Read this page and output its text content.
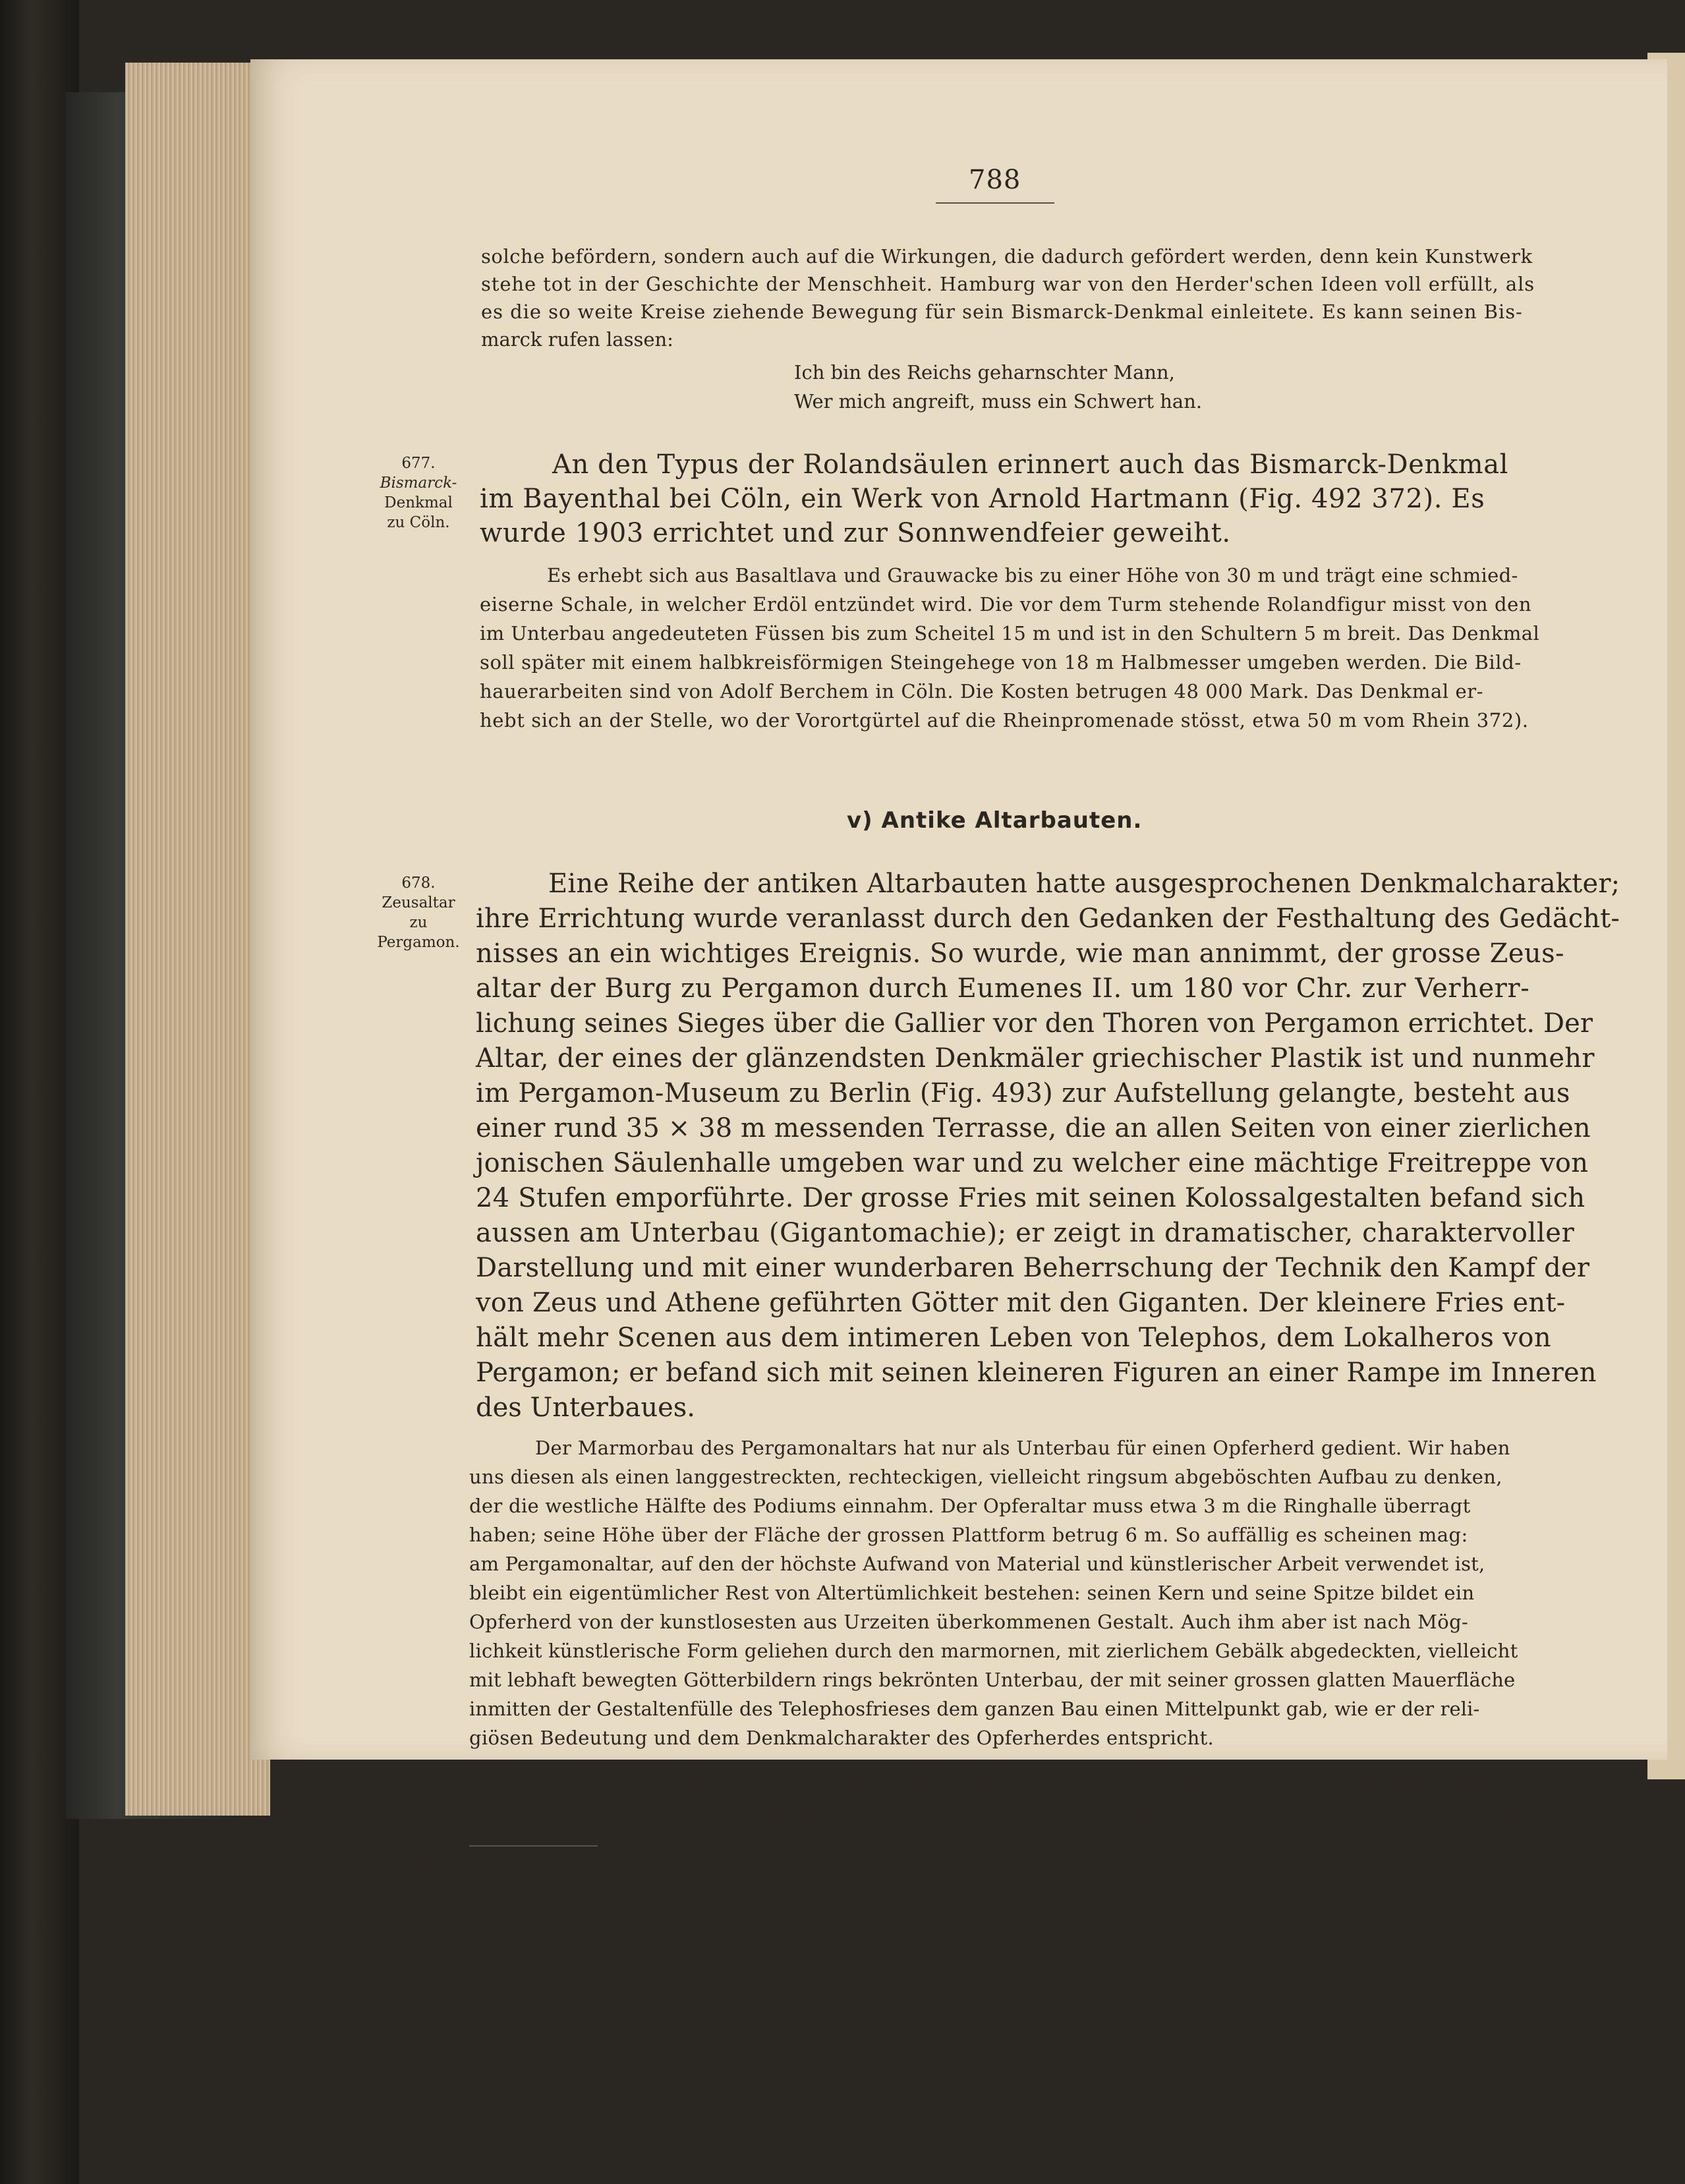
788
solche befördern, sondern auch auf die Wirkungen, die dadurch gefördert werden, denn kein Kunstwerk
stehe tot in der Geschichte der Menschheit. Hamburg war von den Herder'schen Ideen voll erfüllt, als
es die so weite Kreise ziehende Bewegung für sein Bismarck-Denkmal einleitete. Es kann seinen Bis-
marck rufen lassen:
Ich bin des Reichs geharnschter Mann,
Wer mich angreift, muss ein Schwert han.
677.
Bismarck-
Denkmal
zu Cöln.
An den Typus der Rolandsäulen erinnert auch das Bismarck-Denkmal
im Bayenthal bei Cöln, ein Werk von Arnold Hartmann (Fig. 492 372). Es
wurde 1903 errichtet und zur Sonnwendfeier geweiht.
Es erhebt sich aus Basaltlava und Grauwacke bis zu einer Höhe von 30 m und trägt eine schmied-
eiserne Schale, in welcher Erdöl entzündet wird. Die vor dem Turm stehende Rolandfigur misst von den
im Unterbau angedeuteten Füssen bis zum Scheitel 15 m und ist in den Schultern 5 m breit. Das Denkmal
soll später mit einem halbkreisförmigen Steingehege von 18 m Halbmesser umgeben werden. Die Bild-
hauerarbeiten sind von Adolf Berchem in Cöln. Die Kosten betrugen 48 000 Mark. Das Denkmal er-
hebt sich an der Stelle, wo der Vorortgürtel auf die Rheinpromenade stösst, etwa 50 m vom Rhein 372).
v) Antike Altarbauten.
678.
Zeusaltar
zu
Pergamon.
Eine Reihe der antiken Altarbauten hatte ausgesprochenen Denkmalcharakter;
ihre Errichtung wurde veranlasst durch den Gedanken der Festhaltung des Gedächt-
nisses an ein wichtiges Ereignis. So wurde, wie man annimmt, der grosse Zeus-
altar der Burg zu Pergamon durch Eumenes II. um 180 vor Chr. zur Verherr-
lichung seines Sieges über die Gallier vor den Thoren von Pergamon errichtet. Der
Altar, der eines der glänzendsten Denkmäler griechischer Plastik ist und nunmehr
im Pergamon-Museum zu Berlin (Fig. 493) zur Aufstellung gelangte, besteht aus
einer rund 35 × 38 m messenden Terrasse, die an allen Seiten von einer zierlichen
jonischen Säulenhalle umgeben war und zu welcher eine mächtige Freitreppe von
24 Stufen emporführte. Der grosse Fries mit seinen Kolossalgestalten befand sich
aussen am Unterbau (Gigantomachie); er zeigt in dramatischer, charaktervoller
Darstellung und mit einer wunderbaren Beherrschung der Technik den Kampf der
von Zeus und Athene geführten Götter mit den Giganten. Der kleinere Fries ent-
hält mehr Scenen aus dem intimeren Leben von Telephos, dem Lokalheros von
Pergamon; er befand sich mit seinen kleineren Figuren an einer Rampe im Inneren
des Unterbaues.
Der Marmorbau des Pergamonaltars hat nur als Unterbau für einen Opferherd gedient. Wir haben
uns diesen als einen langgestreckten, rechteckigen, vielleicht ringsum abgeböschten Aufbau zu denken,
der die westliche Hälfte des Podiums einnahm. Der Opferaltar muss etwa 3 m die Ringhalle überragt
haben; seine Höhe über der Fläche der grossen Plattform betrug 6 m. So auffällig es scheinen mag:
am Pergamonaltar, auf den der höchste Aufwand von Material und künstlerischer Arbeit verwendet ist,
bleibt ein eigentümlicher Rest von Altertümlichkeit bestehen: seinen Kern und seine Spitze bildet ein
Opferherd von der kunstlosesten aus Urzeiten überkommenen Gestalt. Auch ihm aber ist nach Mög-
lichkeit künstlerische Form geliehen durch den marmornen, mit zierlichem Gebälk abgedeckten, vielleicht
mit lebhaft bewegten Götterbildern rings bekrönten Unterbau, der mit seiner grossen glatten Mauerfläche
inmitten der Gestaltenfülle des Telephosfrieses dem ganzen Bau einen Mittelpunkt gab, wie er der reli-
giösen Bedeutung und dem Denkmalcharakter des Opferherdes entspricht.
679.
Friedensaltar
des
Augustus
zu Rom.
»Ein weltgeschichtliches Denkmal ersten Ranges« nennt Petersen das grosse
Werk der Augusteischen Periode, dessen Freilegung im Jahre 1902 beschlossen wurde.
372) Siehe den Grundriss dieses Denkmales in: Centralbl. d. Bauverw. 1903, S. 506.
